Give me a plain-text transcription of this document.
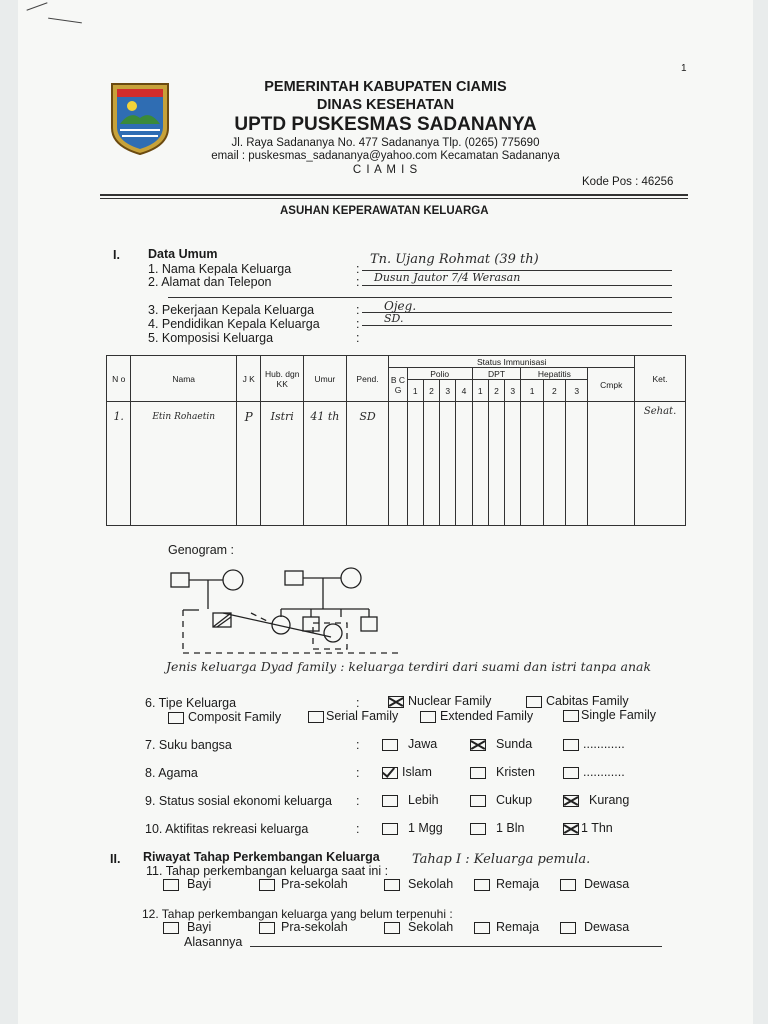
1
PEMERINTAH KABUPATEN CIAMIS
DINAS KESEHATAN
UPTD PUSKESMAS SADANANYA
Jl. Raya Sadananya No. 477 Sadananya Tlp. (0265) 775690
email : puskesmas_sadananya@yahoo.com Kecamatan Sadananya
C I A M I S
Kode Pos : 46256
ASUHAN KEPERAWATAN KELUARGA
I. Data Umum
1. Nama Kepala Keluarga	:
Tn. Ujang Rohmat (39 th)
2. Alamat dan Telepon	: Dusun Jautor 7/4 Werasan
3. Pekerjaan Kepala Keluarga	: Ojeg.
4. Pendidikan Kepala Keluarga	: SD.
5. Komposisi Keluarga	:
N o	Nama	J K	Hub. dgn KK	Umur	Pend.	Status Immunisasi												Ket.
						B C G	Polio				DPT			Hepatitis			Cmpk	
							1	2	3	4	1	2	3	1	2	3		
1.	Etin Rohaetin	P	Istri	41 th	SD													Sehat.
Genogram :
Jenis keluarga Dyad family : keluarga terdiri dari suami dan istri tanpa anak
6. Tipe Keluarga	:	Nuclear Family	Cabitas Family
Composit Family	Serial Family	Extended Family	Single Family
7. Suku bangsa	:	Jawa	Sunda	............
8. Agama	:	Islam	Kristen	............
9. Status sosial ekonomi keluarga :	Lebih	Cukup	Kurang
10. Aktifitas rekreasi keluarga	:	1 Mgg	1 Bln	1 Thn
II. Riwayat Tahap Perkembangan Keluarga Tahap I : Keluarga pemula.
11. Tahap perkembangan keluarga saat ini :
Bayi	Pra-sekolah	Sekolah	Remaja	Dewasa
12. Tahap perkembangan keluarga yang belum terpenuhi :
Bayi	Pra-sekolah	Sekolah	Remaja	Dewasa
Alasannya
